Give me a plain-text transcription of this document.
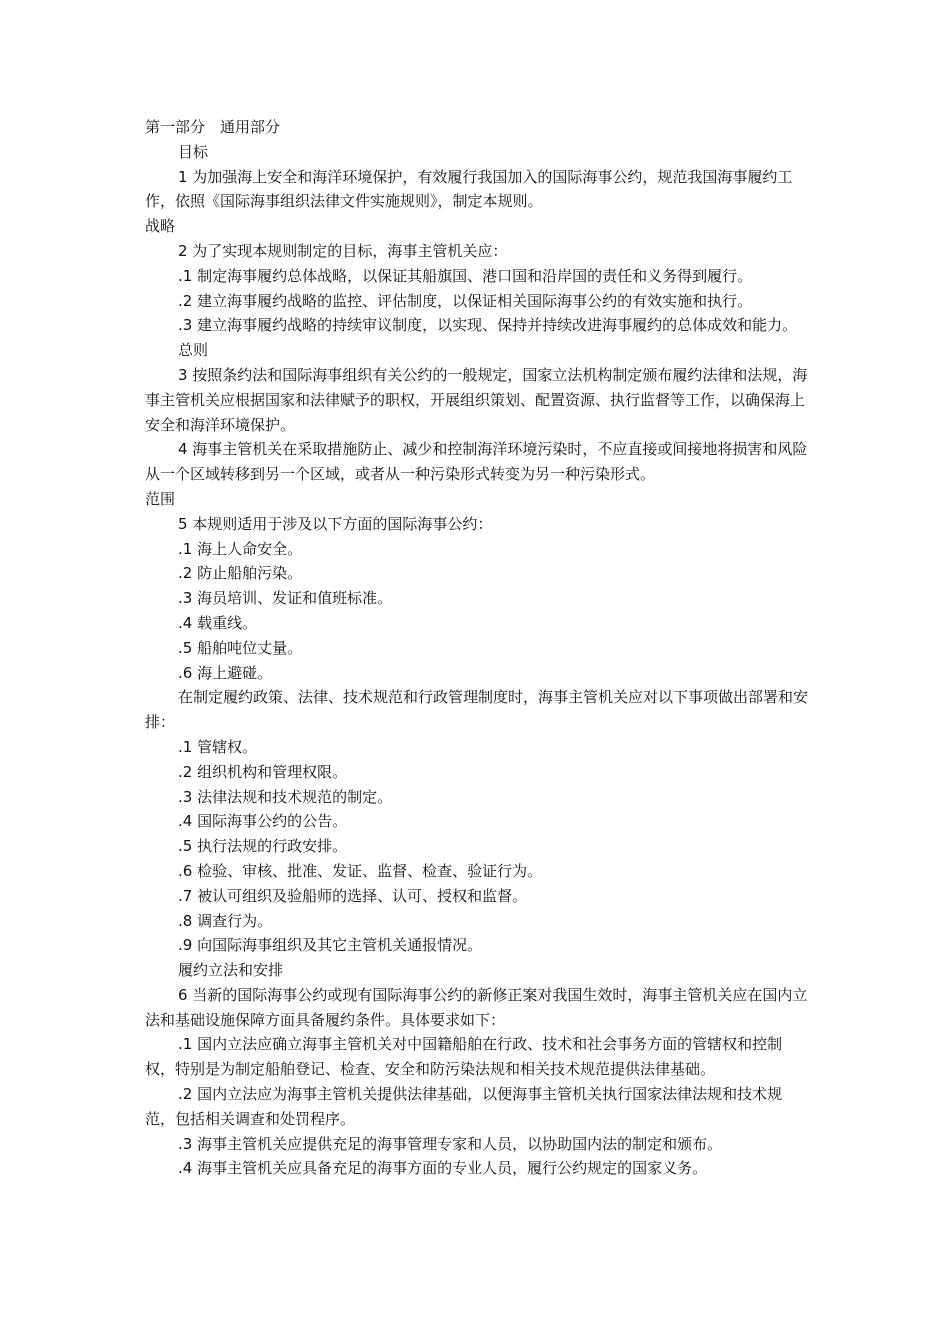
第一部分　通用部分
目标
1 为加强海上安全和海洋环境保护，有效履行我国加入的国际海事公约，规范我国海事履约工作，依照《国际海事组织法律文件实施规则》，制定本规则。
战略
2 为了实现本规则制定的目标，海事主管机关应：
.1 制定海事履约总体战略，以保证其船旗国、港口国和沿岸国的责任和义务得到履行。
.2 建立海事履约战略的监控、评估制度，以保证相关国际海事公约的有效实施和执行。
.3 建立海事履约战略的持续审议制度，以实现、保持并持续改进海事履约的总体成效和能力。
总则
3 按照条约法和国际海事组织有关公约的一般规定，国家立法机构制定颁布履约法律和法规，海事主管机关应根据国家和法律赋予的职权，开展组织策划、配置资源、执行监督等工作，以确保海上安全和海洋环境保护。
4 海事主管机关在采取措施防止、减少和控制海洋环境污染时，不应直接或间接地将损害和风险从一个区域转移到另一个区域，或者从一种污染形式转变为另一种污染形式。
范围
5 本规则适用于涉及以下方面的国际海事公约：
.1 海上人命安全。
.2 防止船舶污染。
.3 海员培训、发证和值班标准。
.4 载重线。
.5 船舶吨位丈量。
.6 海上避碰。
在制定履约政策、法律、技术规范和行政管理制度时，海事主管机关应对以下事项做出部署和安排：
.1 管辖权。
.2 组织机构和管理权限。
.3 法律法规和技术规范的制定。
.4 国际海事公约的公告。
.5 执行法规的行政安排。
.6 检验、审核、批准、发证、监督、检查、验证行为。
.7 被认可组织及验船师的选择、认可、授权和监督。
.8 调查行为。
.9 向国际海事组织及其它主管机关通报情况。
履约立法和安排
6 当新的国际海事公约或现有国际海事公约的新修正案对我国生效时，海事主管机关应在国内立法和基础设施保障方面具备履约条件。具体要求如下：
.1 国内立法应确立海事主管机关对中国籍船舶在行政、技术和社会事务方面的管辖权和控制权，特别是为制定船舶登记、检查、安全和防污染法规和相关技术规范提供法律基础。
.2 国内立法应为海事主管机关提供法律基础，以便海事主管机关执行国家法律法规和技术规范，包括相关调查和处罚程序。
.3 海事主管机关应提供充足的海事管理专家和人员，以协助国内法的制定和颁布。
.4 海事主管机关应具备充足的海事方面的专业人员，履行公约规定的国家义务。
